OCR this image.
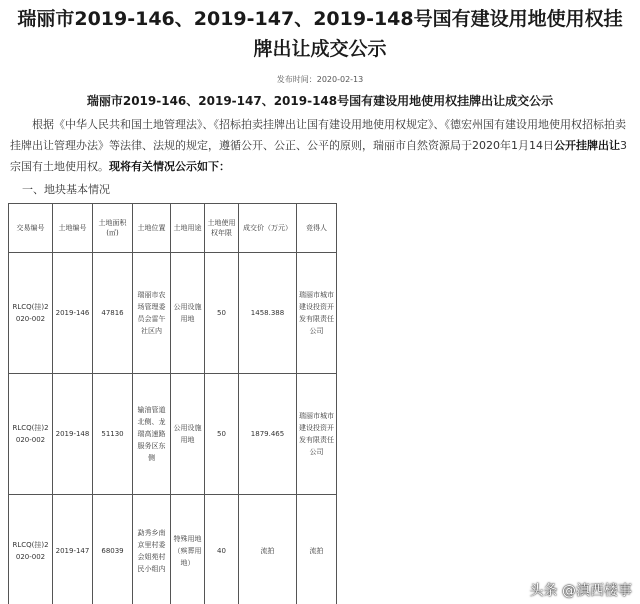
瑞丽市2019-146、2019-147、2019-148号国有建设用地使用权挂牌出让成交公示
发布时间：2020-02-13
瑞丽市2019-146、2019-147、2019-148号国有建设用地使用权挂牌出让成交公示

根据《中华人民共和国土地管理法》、《招标拍卖挂牌出让国有建设用地使用权规定》、《德宏州国有建设用地使用权招标拍卖挂牌出让管理办法》等法律、法规的规定，遵循公开、公正、公平的原则，瑞丽市自然资源局于2020年1月14日公开挂牌出让3宗国有土地使用权。现将有关情况公示如下：

一、地块基本情况
交易编号	土地编号	土地面积(㎡)	土地位置	土地用途	土地使用权年限	成交价（万元）	竞得人
RLCQ(挂)2020-002	2019-146	47816	瑞丽市农场管理委员会雷午社区内	公用设施用地	50	1458.388	瑞丽市城市建设投资开发有限责任公司
RLCQ(挂)2020-002	2019-148	51130	输油管道北侧、龙瑞高速路服务区东侧	公用设施用地	50	1879.465	瑞丽市城市建设投资开发有限责任公司
RLCQ(挂)2020-002	2019-147	68039	勐秀乡南京里村委会姐苑村民小组内	特殊用地（殡葬用地）	40	流拍	流拍
头条 @滇西楼事
